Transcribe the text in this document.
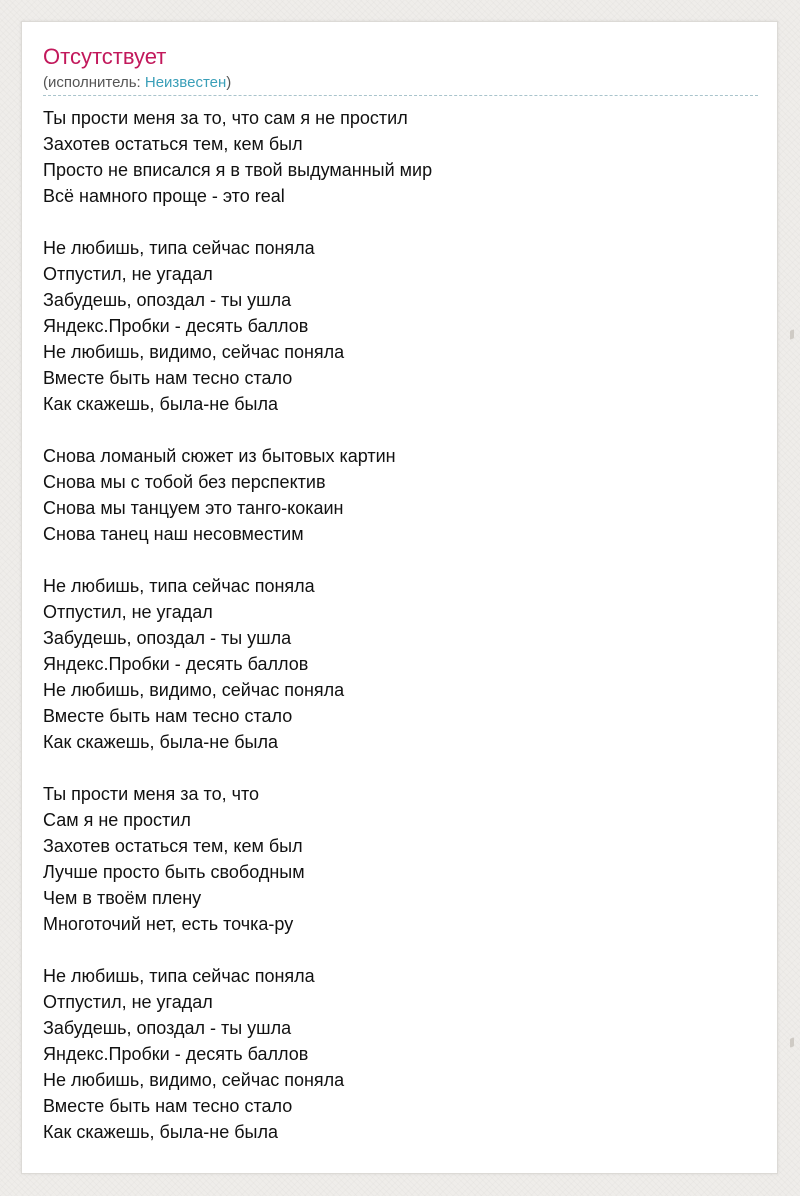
Отсутствует
(исполнитель: Неизвестен)
Ты прости меня за то, что сам я не простил
Захотев остаться тем, кем был
Просто не вписался я в твой выдуманный мир
Всё намного проще - это real
Не любишь, типа сейчас поняла
Отпустил, не угадал
Забудешь, опоздал - ты ушла
Яндекс.Пробки - десять баллов
Не любишь, видимо, сейчас поняла
Вместе быть нам тесно стало
Как скажешь, была-не была
Снова ломаный сюжет из бытовых картин
Снова мы с тобой без перспектив
Снова мы танцуем это танго-кокаин
Снова танец наш несовместим
Не любишь, типа сейчас поняла
Отпустил, не угадал
Забудешь, опоздал - ты ушла
Яндекс.Пробки - десять баллов
Не любишь, видимо, сейчас поняла
Вместе быть нам тесно стало
Как скажешь, была-не была
Ты прости меня за то, что
Сам я не простил
Захотев остаться тем, кем был
Лучше просто быть свободным
Чем в твоём плену
Многоточий нет, есть точка-ру
Не любишь, типа сейчас поняла
Отпустил, не угадал
Забудешь, опоздал - ты ушла
Яндекс.Пробки - десять баллов
Не любишь, видимо, сейчас поняла
Вместе быть нам тесно стало
Как скажешь, была-не была
